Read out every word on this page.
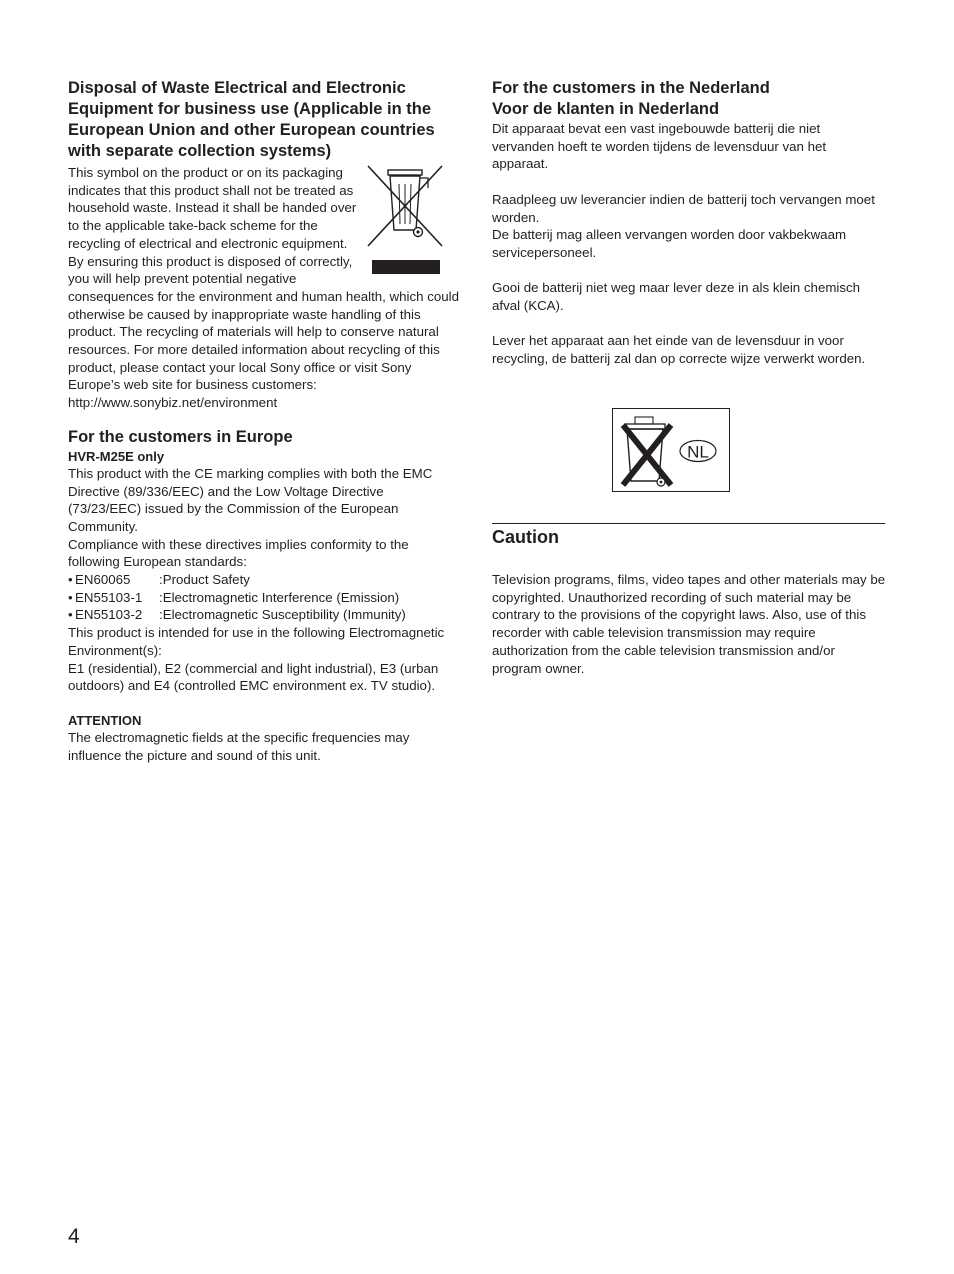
Disposal of Waste Electrical and Electronic Equipment for business use (Applicable in the European Union and other European countries with separate collection systems)

This symbol on the product or on its packaging indicates that this product shall not be treated as household waste. Instead it shall be handed over to the applicable take-back scheme for the recycling of electrical and electronic equipment. By ensuring this product is disposed of correctly, you will help prevent potential negative consequences for the environment and human health, which could otherwise be caused by inappropriate waste handling of this product. The recycling of materials will help to conserve natural resources. For more detailed information about recycling of this product, please contact your local Sony office or visit Sony Europe’s web site for business customers:

http://www.sonybiz.net/environment

For the customers in Europe

HVR-M25E only

This product with the CE marking complies with both the EMC Directive (89/336/EEC) and the Low Voltage Directive (73/23/EEC) issued by the Commission of the European Community.

Compliance with these directives implies conformity to the following European standards:

• EN60065 :Product Safety
• EN55103-1 :Electromagnetic Interference (Emission)
• EN55103-2 :Electromagnetic Susceptibility (Immunity)

This product is intended for use in the following Electromagnetic Environment(s):

E1 (residential), E2 (commercial and light industrial), E3 (urban outdoors) and E4 (controlled EMC environment ex. TV studio).

ATTENTION

The electromagnetic fields at the specific frequencies may influence the picture and sound of this unit.

For the customers in the Nederland
Voor de klanten in Nederland

Dit apparaat bevat een vast ingebouwde batterij die niet vervanden hoeft te worden tijdens de levensduur van het apparaat.

Raadpleeg uw leverancier indien de batterij toch vervangen moet worden.

De batterij mag alleen vervangen worden door vakbekwaam servicepersoneel.

Gooi de batterij niet weg maar lever deze in als klein chemisch afval (KCA).

Lever het apparaat aan het einde van de levensduur in voor recycling, de batterij zal dan op correcte wijze verwerkt worden.

NL
Caution

Television programs, films, video tapes and other materials may be copyrighted. Unauthorized recording of such material may be contrary to the provisions of the copyright laws. Also, use of this recorder with cable television transmission may require authorization from the cable television transmission and/or program owner.

4
